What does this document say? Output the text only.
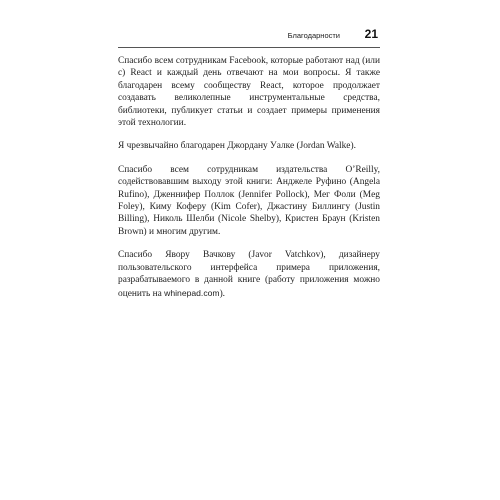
Благодарности 21

Спасибо всем сотрудникам Facebook, которые работают над (или с) React и каждый день отвечают на мои вопросы. Я также благодарен всему сообществу React, которое продолжает создавать великолепные инструментальные средства, библиотеки, публикует статьи и создает примеры применения этой технологии.

Я чрезвычайно благодарен Джордану Уалке (Jordan Walke).

Спасибо всем сотрудникам издательства O’Reilly, содействовавшим выходу этой книги: Анджеле Руфино (Angela Rufino), Дженнифер Поллок (Jennifer Pollock), Мег Фоли (Meg Foley), Киму Коферу (Kim Cofer), Джастину Биллингу (Justin Billing), Николь Шелби (Nicole Shelby), Кристен Браун (Kristen Brown) и многим другим.

Спасибо Явору Вачкову (Javor Vatchkov), дизайнеру пользовательского интерфейса примера приложения, разрабатываемого в данной книге (работу приложения можно оценить на whinepad.com).
